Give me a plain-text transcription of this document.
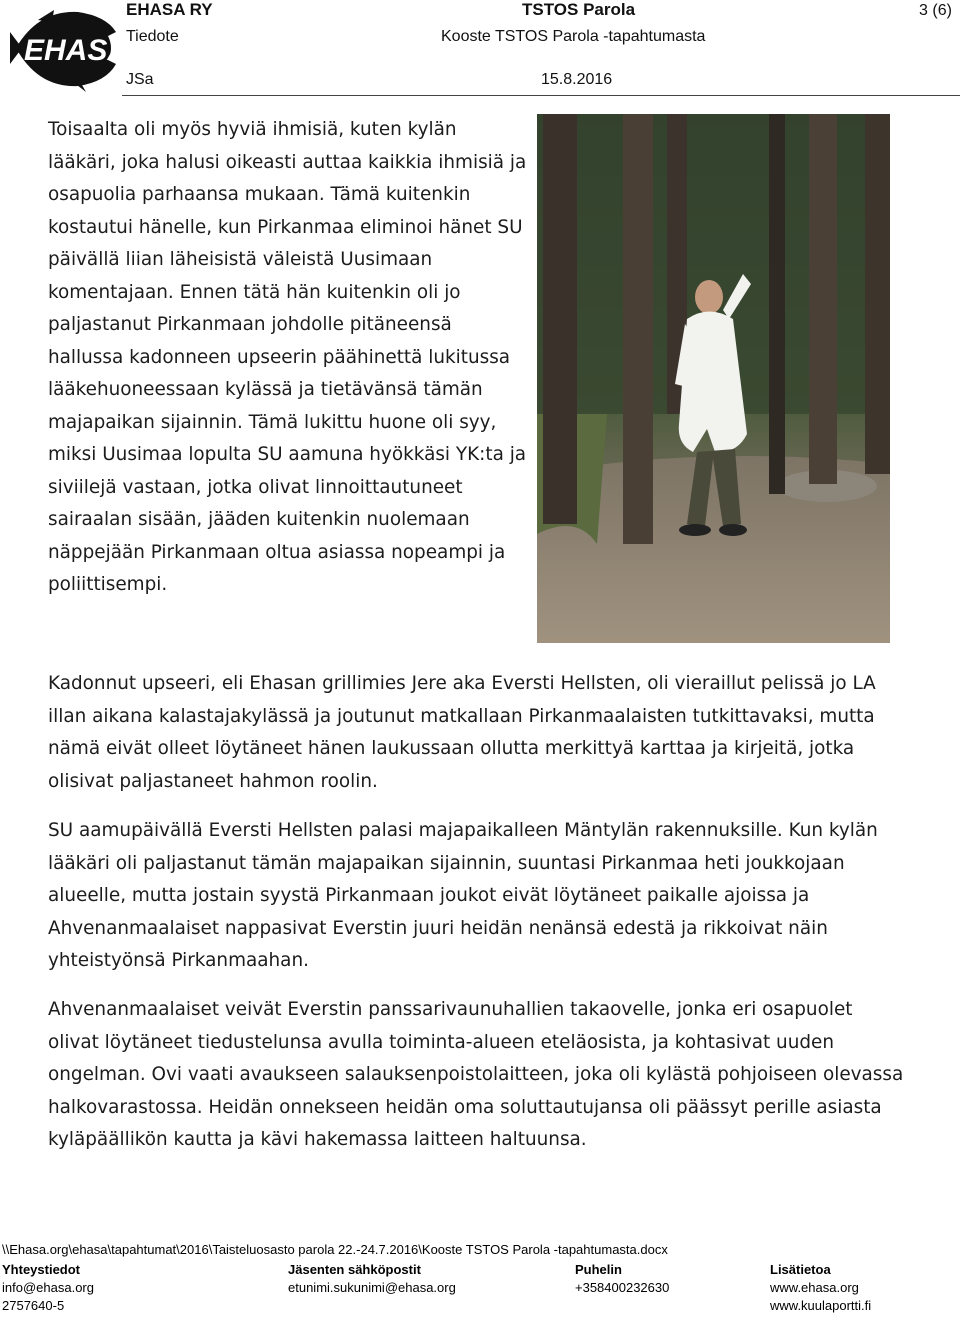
EHASA
EHASA RY
Tiedote
JSa
TSTOS Parola
Kooste TSTOS Parola -tapahtumasta
15.8.2016
3 (6)

Toisaalta oli myös hyviä ihmisiä, kuten kylän lääkäri, joka halusi oikeasti auttaa kaikkia ihmisiä ja osapuolia parhaansa mukaan. Tämä kuitenkin kostautui hänelle, kun Pirkanmaa eliminoi hänet SU päivällä liian läheisistä väleistä Uusimaan komentajaan. Ennen tätä hän kuitenkin oli jo paljastanut Pirkanmaan johdolle pitäneensä hallussa kadonneen upseerin päähinettä lukitussa lääkehuoneessaan kylässä ja tietävänsä tämän majapaikan sijainnin. Tämä lukittu huone oli syy, miksi Uusimaa lopulta SU aamuna hyökkäsi YK:ta ja siviilejä vastaan, jotka olivat linnoittautuneet sairaalan sisään, jääden kuitenkin nuolemaan näppejään Pirkanmaan oltua asiassa nopeampi ja poliittisempi.

Kadonnut upseeri, eli Ehasan grillimies Jere aka Eversti Hellsten, oli vieraillut pelissä jo LA illan aikana kalastajakylässä ja joutunut matkallaan Pirkanmaalaisten tutkittavaksi, mutta nämä eivät olleet löytäneet hänen laukussaan ollutta merkittyä karttaa ja kirjeitä, jotka olisivat paljastaneet hahmon roolin.

SU aamupäivällä Eversti Hellsten palasi majapaikalleen Mäntylän rakennuksille. Kun kylän lääkäri oli paljastanut tämän majapaikan sijainnin, suuntasi Pirkanmaa heti joukkojaan alueelle, mutta jostain syystä Pirkanmaan joukot eivät löytäneet paikalle ajoissa ja Ahvenanmaalaiset nappasivat Everstin juuri heidän nenänsä edestä ja rikkoivat näin yhteistyönsä Pirkanmaahan.

Ahvenanmaalaiset veivät Everstin panssarivaunuhallien takaovelle, jonka eri osapuolet olivat löytäneet tiedustelunsa avulla toiminta-alueen eteläosista, ja kohtasivat uuden ongelman. Ovi vaati avaukseen salauksenpoistolaitteen, joka oli kylästä pohjoiseen olevassa halkovarastossa. Heidän onnekseen heidän oma soluttautujansa oli päässyt perille asiasta kyläpäällikön kautta ja kävi hakemassa laitteen haltuunsa.

\\Ehasa.org\ehasa\tapahtumat\2016\Taisteluosasto parola 22.-24.7.2016\Kooste TSTOS Parola -tapahtumasta.docx
Yhteystiedot
info@ehasa.org
2757640-5
Jäsenten sähköpostit
etunimi.sukunimi@ehasa.org
Puhelin
+358400232630
Lisätietoa
www.ehasa.org
www.kuulaportti.fi
